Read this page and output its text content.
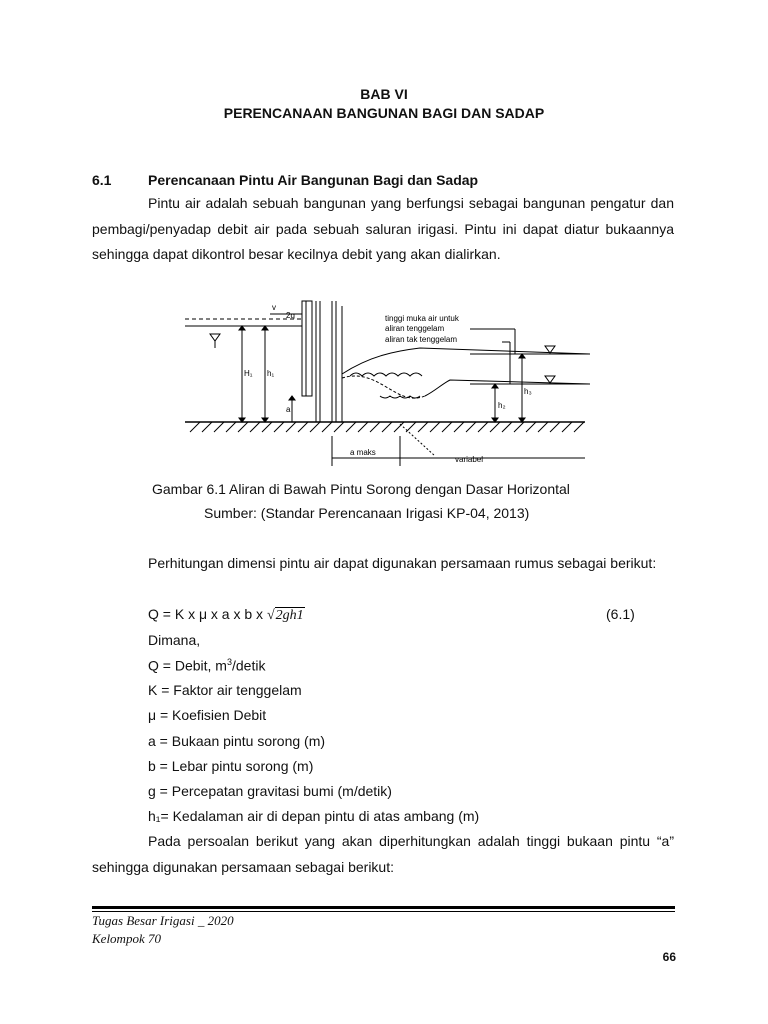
BAB VI
PERENCANAAN BANGUNAN BAGI DAN SADAP
6.1	Perencanaan Pintu Air Bangunan Bagi dan Sadap
Pintu air adalah sebuah bangunan yang berfungsi sebagai bangunan pengatur dan pembagi/penyadap debit air pada sebuah saluran irigasi. Pintu ini dapat diatur bukaannya sehingga dapat dikontrol besar kecilnya debit yang akan dialirkan.
v
2g
H₁ h₁
a
tinggi muka air untuk
aliran tenggelam
aliran tak tenggelam
h₂
h₃
a maks
variabel
Gambar 6.1 Aliran di Bawah Pintu Sorong dengan Dasar Horizontal
Sumber: (Standar Perencanaan Irigasi KP-04, 2013)
Perhitungan dimensi pintu air dapat digunakan persamaan rumus sebagai berikut:
Q = K x μ x a x b x √2gh1	(6.1)
Dimana,
Q = Debit, $m^3$/detik
K = Faktor air tenggelam
μ = Koefisien Debit
a = Bukaan pintu sorong (m)
b = Lebar pintu sorong (m)
g = Percepatan gravitasi bumi (m/detik)
h₁= Kedalaman air di depan pintu di atas ambang (m)
Pada persoalan berikut yang akan diperhitungkan adalah tinggi bukaan pintu “a” sehingga digunakan persamaan sebagai berikut:
Tugas Besar Irigasi _ 2020
Kelompok 70
66
